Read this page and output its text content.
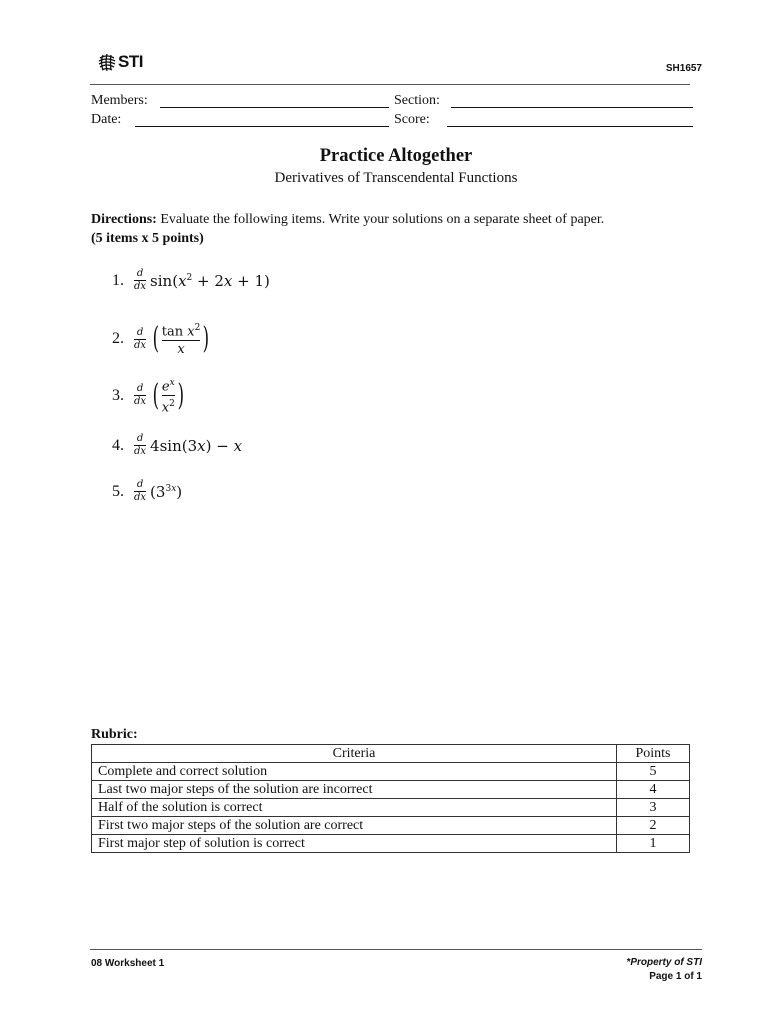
STI	SH1657
Members:	Section:
Date:	Score:
Practice Altogether
Derivatives of Transcendental Functions
Directions: Evaluate the following items. Write your solutions on a separate sheet of paper.
(5 items x 5 points)
1.	$\frac{d}{dx} \sin(x^2 + 2x + 1)$
2.	$\frac{d}{dx}$ ( $\tan x^2$
x )
3.	$\frac{d}{dx}$ ( $e^x$
$x^2$ )
4.	$\frac{d}{dx} 4\sin(3x) - x$
5.	$\frac{d}{dx} (3^{3x})$
Rubric:
Criteria	Points
Complete and correct solution	5
Last two major steps of the solution are incorrect	4
Half of the solution is correct	3
First two major steps of the solution are correct	2
First major step of solution is correct	1
08 Worksheet 1	*Property of STI
Page 1 of 1
